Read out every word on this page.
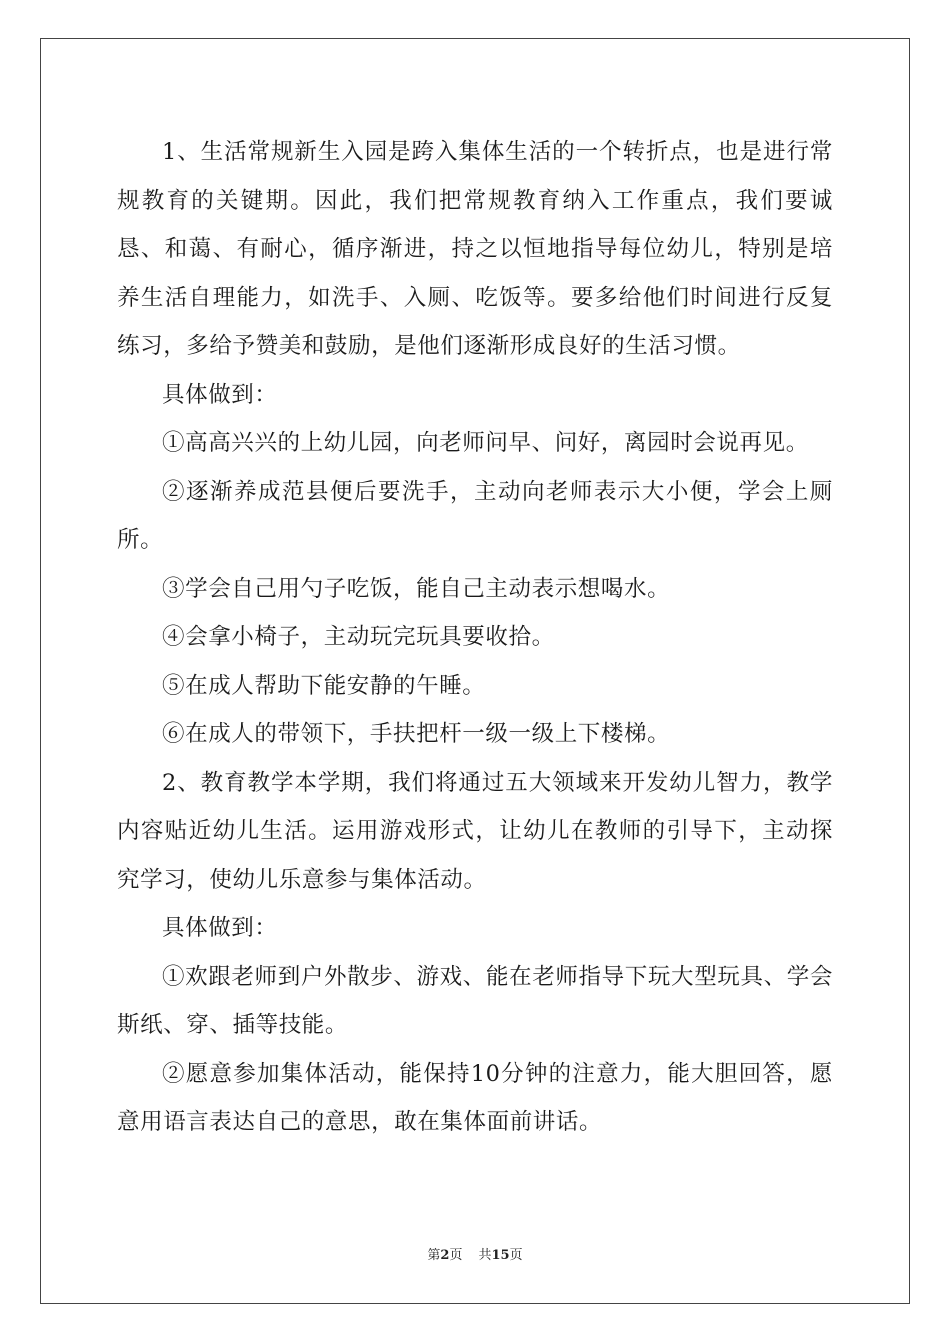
1、生活常规新生入园是跨入集体生活的一个转折点，也是进行常规教育的关键期。因此，我们把常规教育纳入工作重点，我们要诚恳、和蔼、有耐心，循序渐进，持之以恒地指导每位幼儿，特别是培养生活自理能力，如洗手、入厕、吃饭等。要多给他们时间进行反复练习，多给予赞美和鼓励，是他们逐渐形成良好的生活习惯。

具体做到：

①高高兴兴的上幼儿园，向老师问早、问好，离园时会说再见。

②逐渐养成范县便后要洗手，主动向老师表示大小便，学会上厕所。

③学会自己用勺子吃饭，能自己主动表示想喝水。

④会拿小椅子，主动玩完玩具要收拾。

⑤在成人帮助下能安静的午睡。

⑥在成人的带领下，手扶把杆一级一级上下楼梯。

2、教育教学本学期，我们将通过五大领域来开发幼儿智力，教学内容贴近幼儿生活。运用游戏形式，让幼儿在教师的引导下，主动探究学习，使幼儿乐意参与集体活动。

具体做到：

①欢跟老师到户外散步、游戏、能在老师指导下玩大型玩具、学会斯纸、穿、插等技能。

②愿意参加集体活动，能保持10分钟的注意力，能大胆回答，愿意用语言表达自己的意思，敢在集体面前讲话。

第2页 共15页
